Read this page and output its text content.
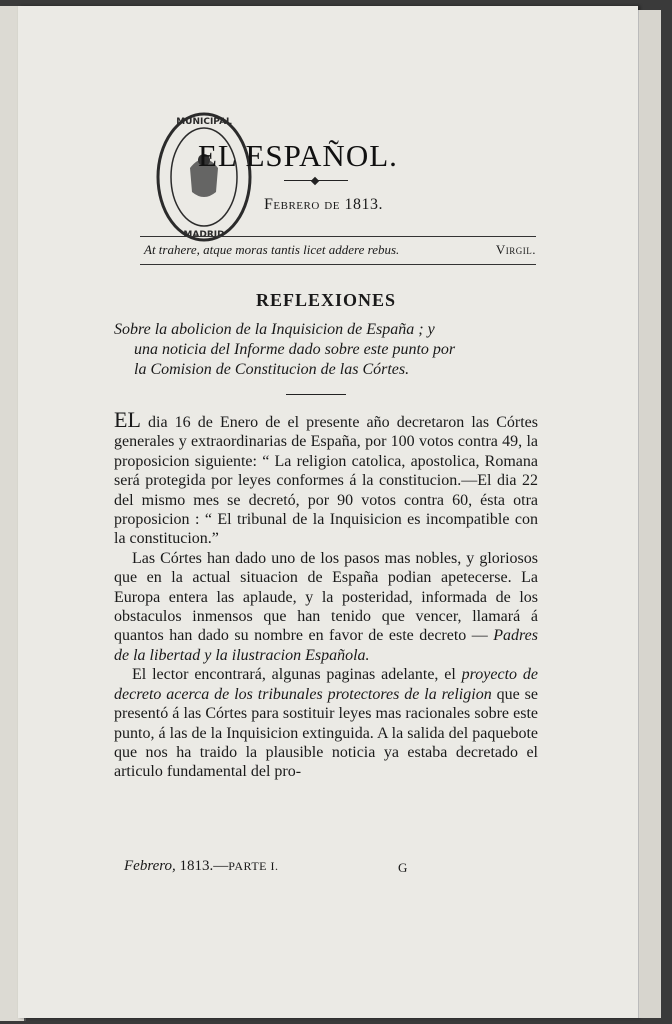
MUNICIPAL
MADRID
EL ESPAÑOL.
Febrero de 1813.
At trahere, atque moras tantis licet addere rebus.	Virgil.
REFLEXIONES
Sobre la abolicion de la Inquisicion de España ; y
una noticia del Informe dado sobre este punto por
la Comision de Constitucion de las Córtes.

EL dia 16 de Enero de el presente año decretaron las Córtes generales y extraordinarias de España, por 100 votos contra 49, la proposicion siguiente: “ La religion catolica, apostolica, Romana será protegida por leyes conformes á la constitucion.—El dia 22 del mismo mes se decretó, por 90 votos contra 60, ésta otra proposicion : “ El tribunal de la Inquisicion es incompatible con la constitucion.”

Las Córtes han dado uno de los pasos mas nobles, y gloriosos que en la actual situacion de España podian apetecerse. La Europa entera las aplaude, y la posteridad, informada de los obstaculos inmensos que han tenido que vencer, llamará á quantos han dado su nombre en favor de este decreto — Padres de la libertad y la ilustracion Española.

El lector encontrará, algunas paginas adelante, el proyecto de decreto acerca de los tribunales protectores de la religion que se presentó á las Córtes para sostituir leyes mas racionales sobre este punto, á las de la Inquisicion extinguida. A la salida del paquebote que nos ha traido la plausible noticia ya estaba decretado el articulo fundamental del pro-

Febrero, 1813.—PARTE I.	G
